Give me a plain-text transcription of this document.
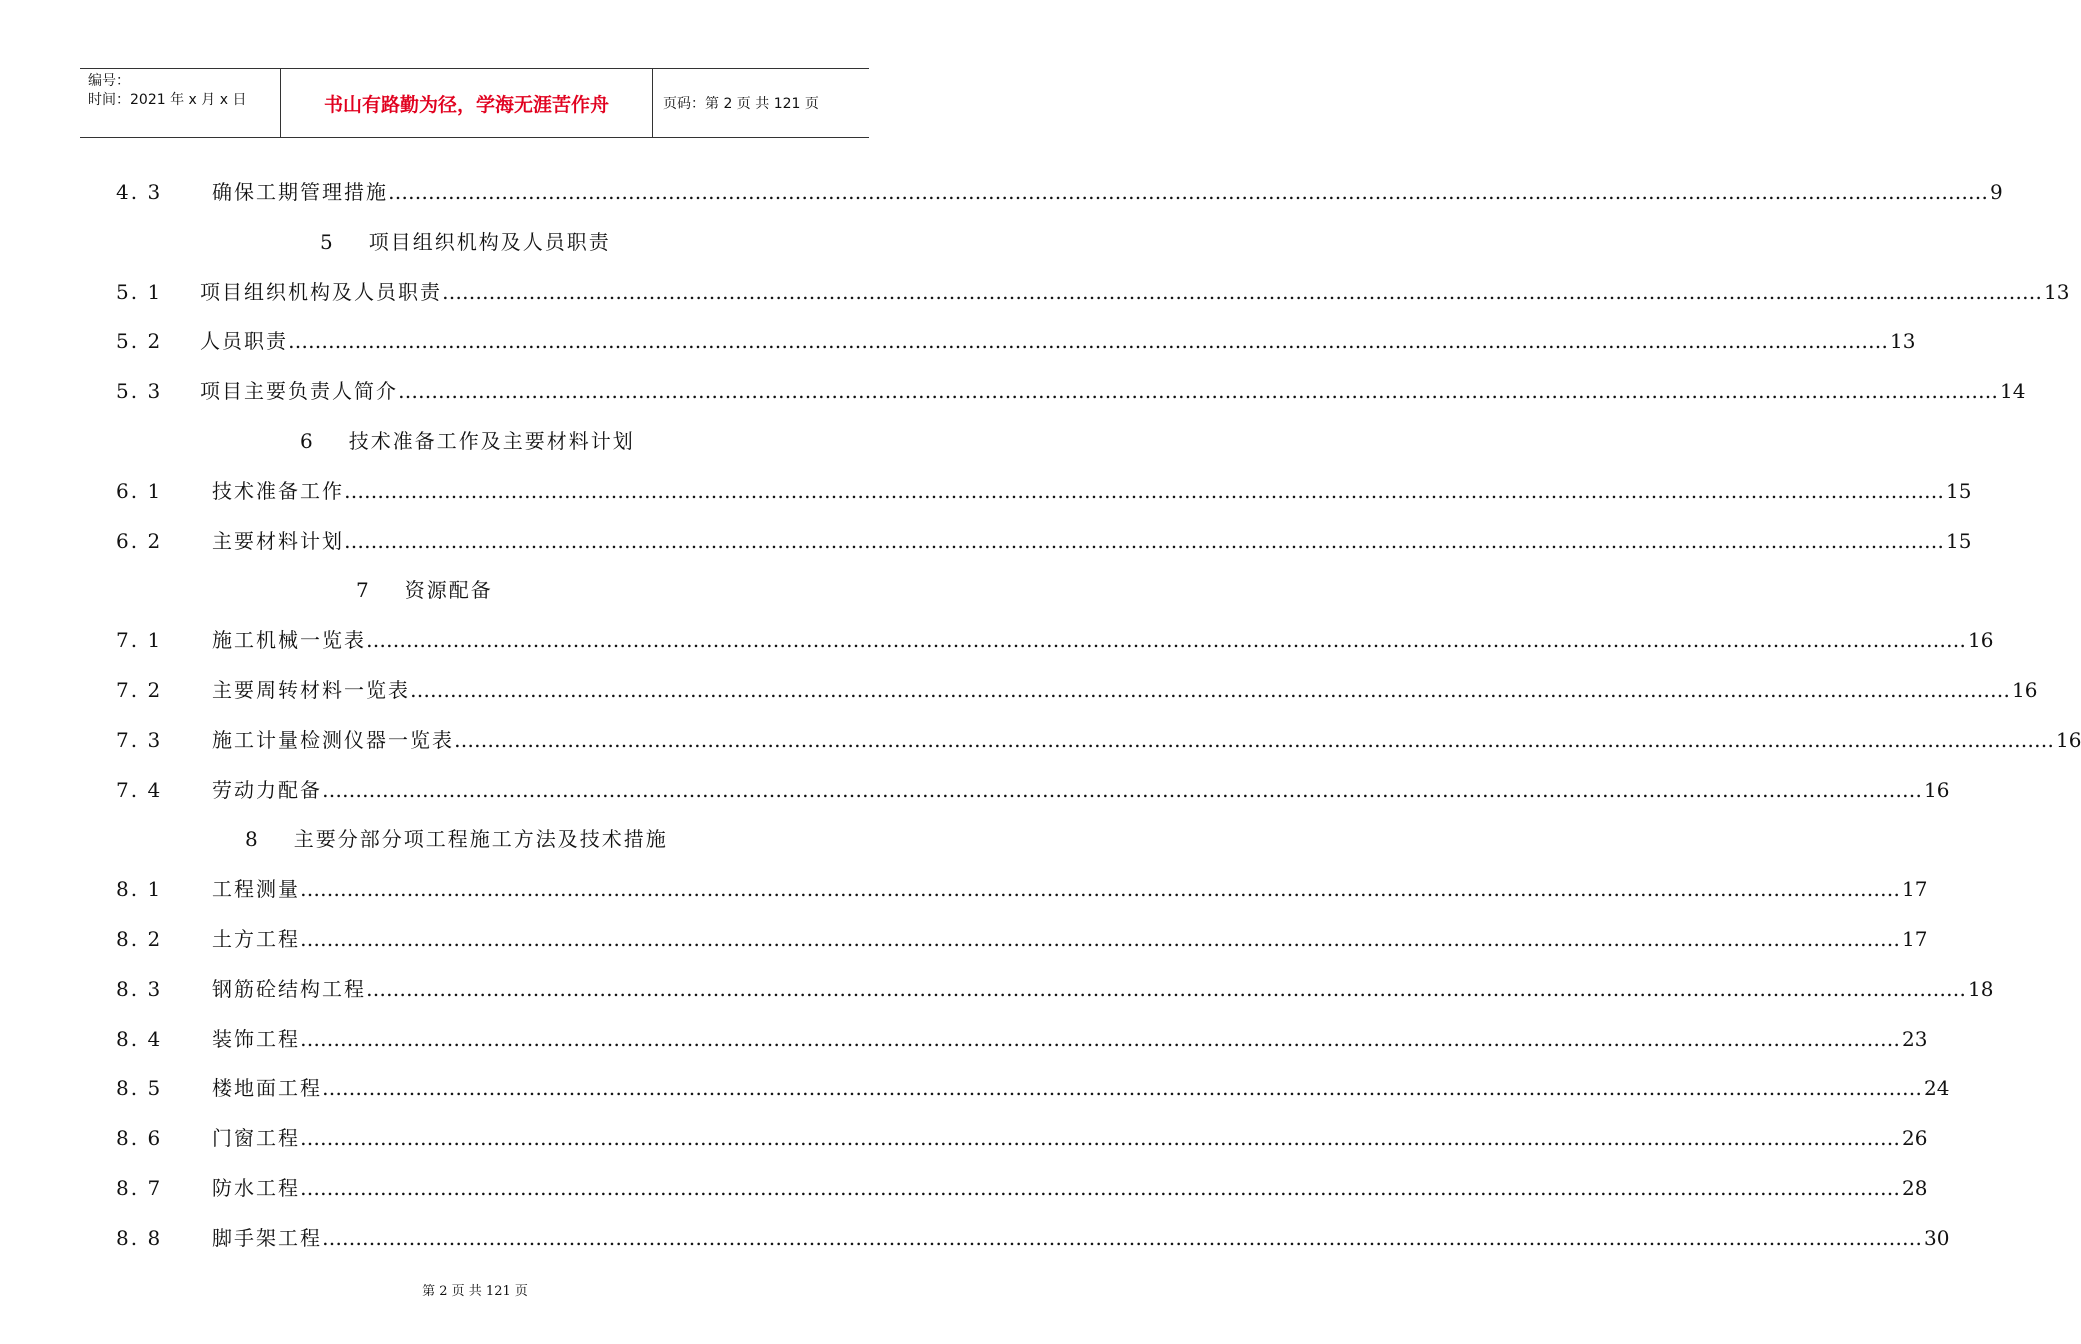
编号：
时间：2021 年 x 月 x 日	书山有路勤为径，学海无涯苦作舟	页码：第 2 页 共 121 页
4. 3	确保工期管理措施 …………………………………………………………………………………………………………………………………………………………………………………………………………………… 9
5 项目组织机构及人员职责
5. 1	项目组织机构及人员职责 …………………………………………………………………………………………………………………………………………………………………………………………………………………… 13
5. 2	人员职责 …………………………………………………………………………………………………………………………………………………………………………………………………………………… 13
5. 3	项目主要负责人简介 …………………………………………………………………………………………………………………………………………………………………………………………………………………… 14
6 技术准备工作及主要材料计划
6. 1	技术准备工作 …………………………………………………………………………………………………………………………………………………………………………………………………………………… 15
6. 2	主要材料计划 …………………………………………………………………………………………………………………………………………………………………………………………………………………… 15
7 资源配备
7. 1	施工机械一览表 …………………………………………………………………………………………………………………………………………………………………………………………………………………… 16
7. 2	主要周转材料一览表 …………………………………………………………………………………………………………………………………………………………………………………………………………………… 16
7. 3	施工计量检测仪器一览表 …………………………………………………………………………………………………………………………………………………………………………………………………………………… 16
7. 4	劳动力配备 …………………………………………………………………………………………………………………………………………………………………………………………………………………… 16
8 主要分部分项工程施工方法及技术措施
8. 1	工程测量 …………………………………………………………………………………………………………………………………………………………………………………………………………………… 17
8. 2	土方工程 …………………………………………………………………………………………………………………………………………………………………………………………………………………… 17
8. 3	钢筋砼结构工程 …………………………………………………………………………………………………………………………………………………………………………………………………………………… 18
8. 4	装饰工程 …………………………………………………………………………………………………………………………………………………………………………………………………………………… 23
8. 5	楼地面工程 …………………………………………………………………………………………………………………………………………………………………………………………………………………… 24
8. 6	门窗工程 …………………………………………………………………………………………………………………………………………………………………………………………………………………… 26
8. 7	防水工程 …………………………………………………………………………………………………………………………………………………………………………………………………………………… 28
8. 8	脚手架工程 …………………………………………………………………………………………………………………………………………………………………………………………………………………… 30
第 2 页 共 121 页
